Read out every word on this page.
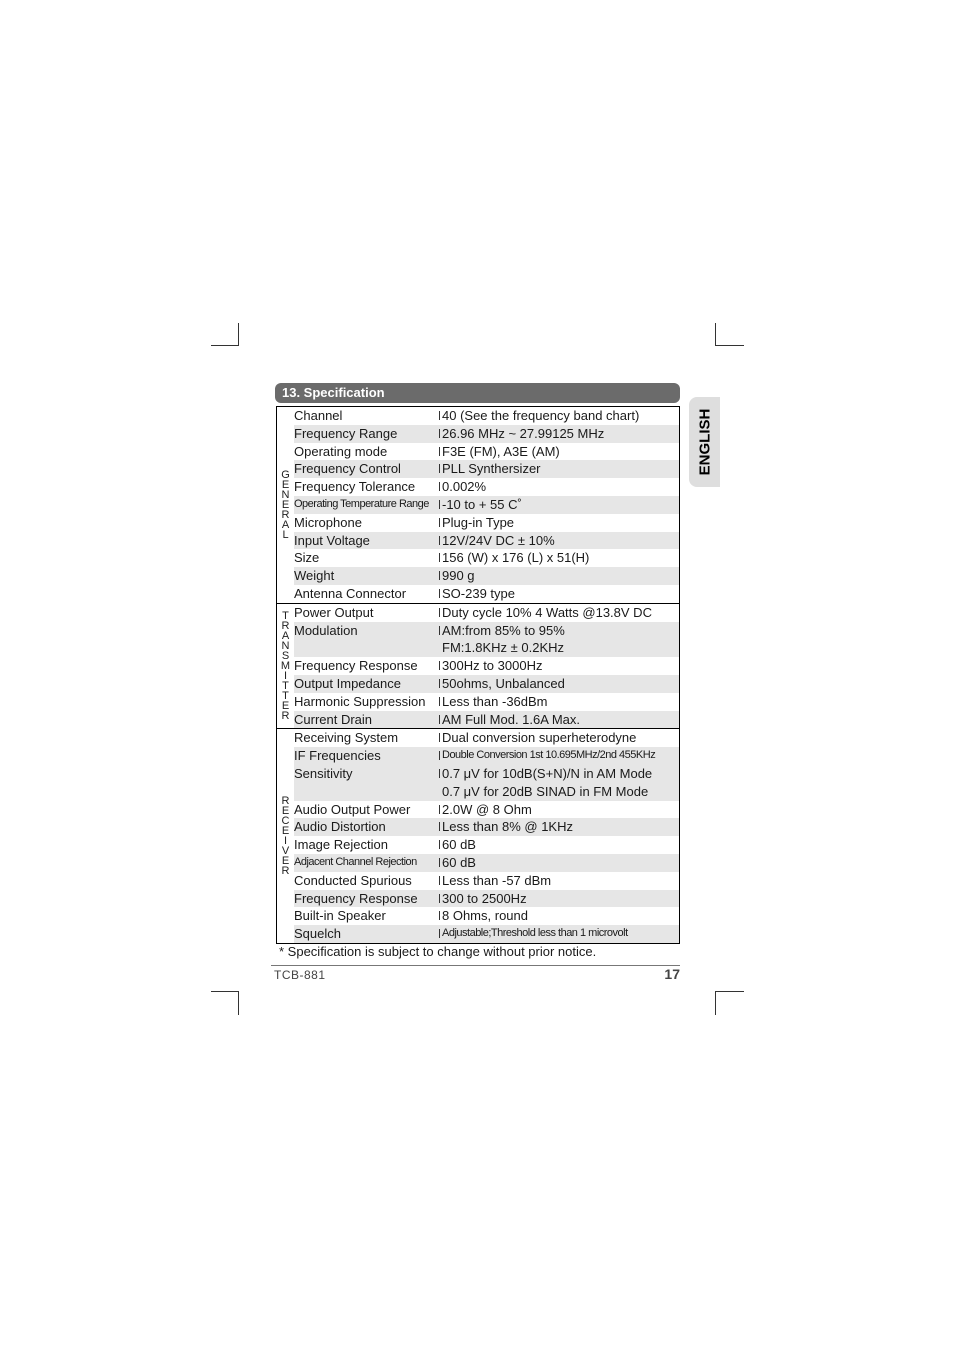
13. Specification
ENGLISH
G
E
N
E
R
A
L
Channel	40 (See the frequency band chart)
Frequency Range	26.96 MHz ~ 27.99125 MHz
Operating mode	F3E (FM), A3E (AM)
Frequency Control	PLL Synthersizer
Frequency Tolerance	0.002%
Operating Temperature Range	-10 to + 55 C˚
Microphone	Plug-in Type
Input Voltage	12V/24V DC ± 10%
Size	156 (W) x 176 (L) x 51(H)
Weight	990 g
Antenna Connector	SO-239 type
T
R
A
N
S
M
I
T
T
E
R
Power Output	Duty cycle 10% 4 Watts @13.8V DC
Modulation	AM:from 85% to 95%
FM:1.8KHz ± 0.2KHz
Frequency Response	300Hz to 3000Hz
Output Impedance	50ohms, Unbalanced
Harmonic Suppression	Less than -36dBm
Current Drain	AM Full Mod. 1.6A Max.
R
E
C
E
I
V
E
R
Receiving System	Dual conversion superheterodyne
IF Frequencies	Double Conversion 1st 10.695MHz/2nd 455KHz
Sensitivity	0.7 μV for 10dB(S+N)/N in AM Mode
0.7 μV for 20dB SINAD in FM Mode
Audio Output Power	2.0W @ 8 Ohm
Audio Distortion	Less than 8% @ 1KHz
Image Rejection	60 dB
Adjacent Channel Rejection	60 dB
Conducted Spurious	Less than -57 dBm
Frequency Response	300 to 2500Hz
Built-in Speaker	8 Ohms, round
Squelch	Adjustable;Threshold less than 1 microvolt
* Specification is subject to change without prior notice.
TCB-881	17
